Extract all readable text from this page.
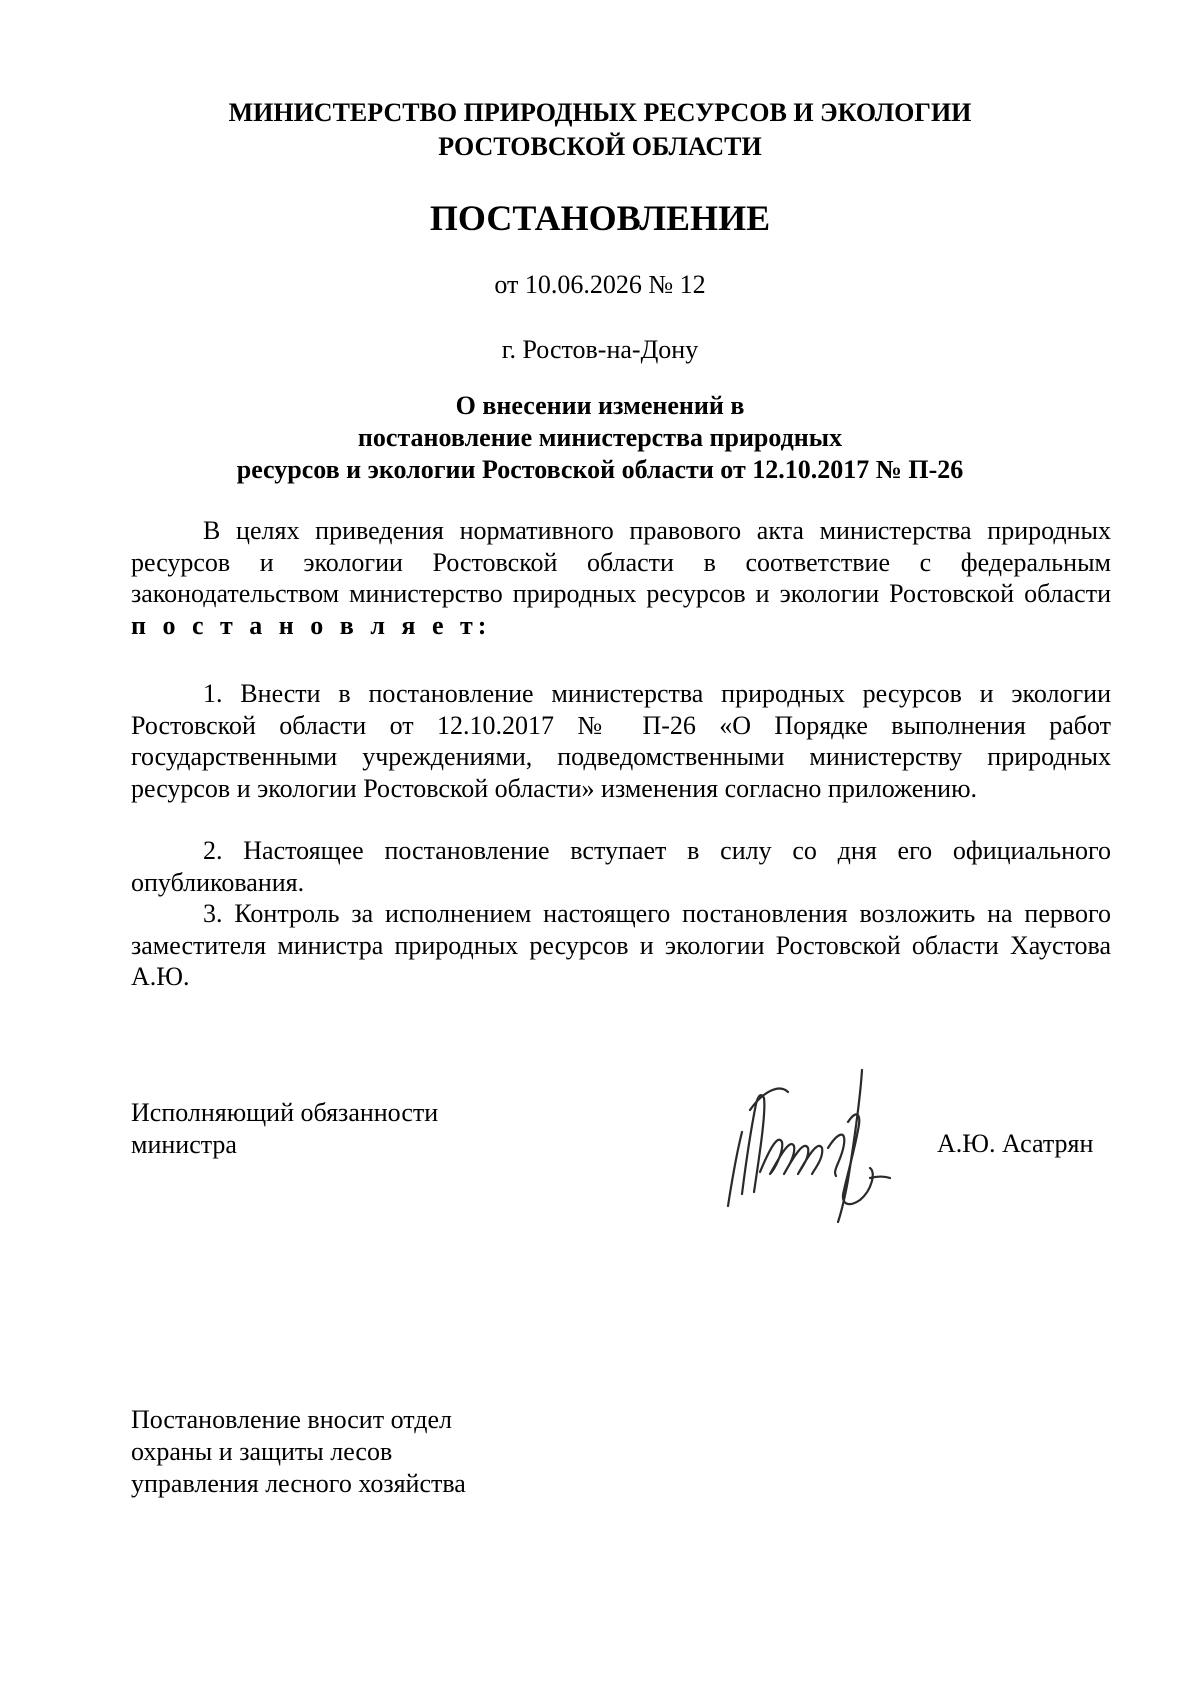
МИНИСТЕРСТВО ПРИРОДНЫХ РЕСУРСОВ И ЭКОЛОГИИ
РОСТОВСКОЙ ОБЛАСТИ
ПОСТАНОВЛЕНИЕ
от 10.06.2026 № 12
г. Ростов-на-Дону
О внесении изменений в
постановление министерства природных
ресурсов и экологии Ростовской области от 12.10.2017 № П-26

В целях приведения нормативного правового акта министерства природных ресурсов и экологии Ростовской области в соответствие с федеральным законодательством министерство природных ресурсов и экологии Ростовской области п о с т а н о в л я е т:

1. Внести в постановление министерства природных ресурсов и экологии Ростовской области от 12.10.2017 № П-26 «О Порядке выполнения работ государственными учреждениями, подведомственными министерству природных ресурсов и экологии Ростовской области» изменения согласно приложению.

2. Настоящее постановление вступает в силу со дня его официального опубликования.

3. Контроль за исполнением настоящего постановления возложить на первого заместителя министра природных ресурсов и экологии Ростовской области Хаустова А.Ю.

Исполняющий обязанности
министра	А.Ю. Асатрян
Постановление вносит отдел
охраны и защиты лесов
управления лесного хозяйства
